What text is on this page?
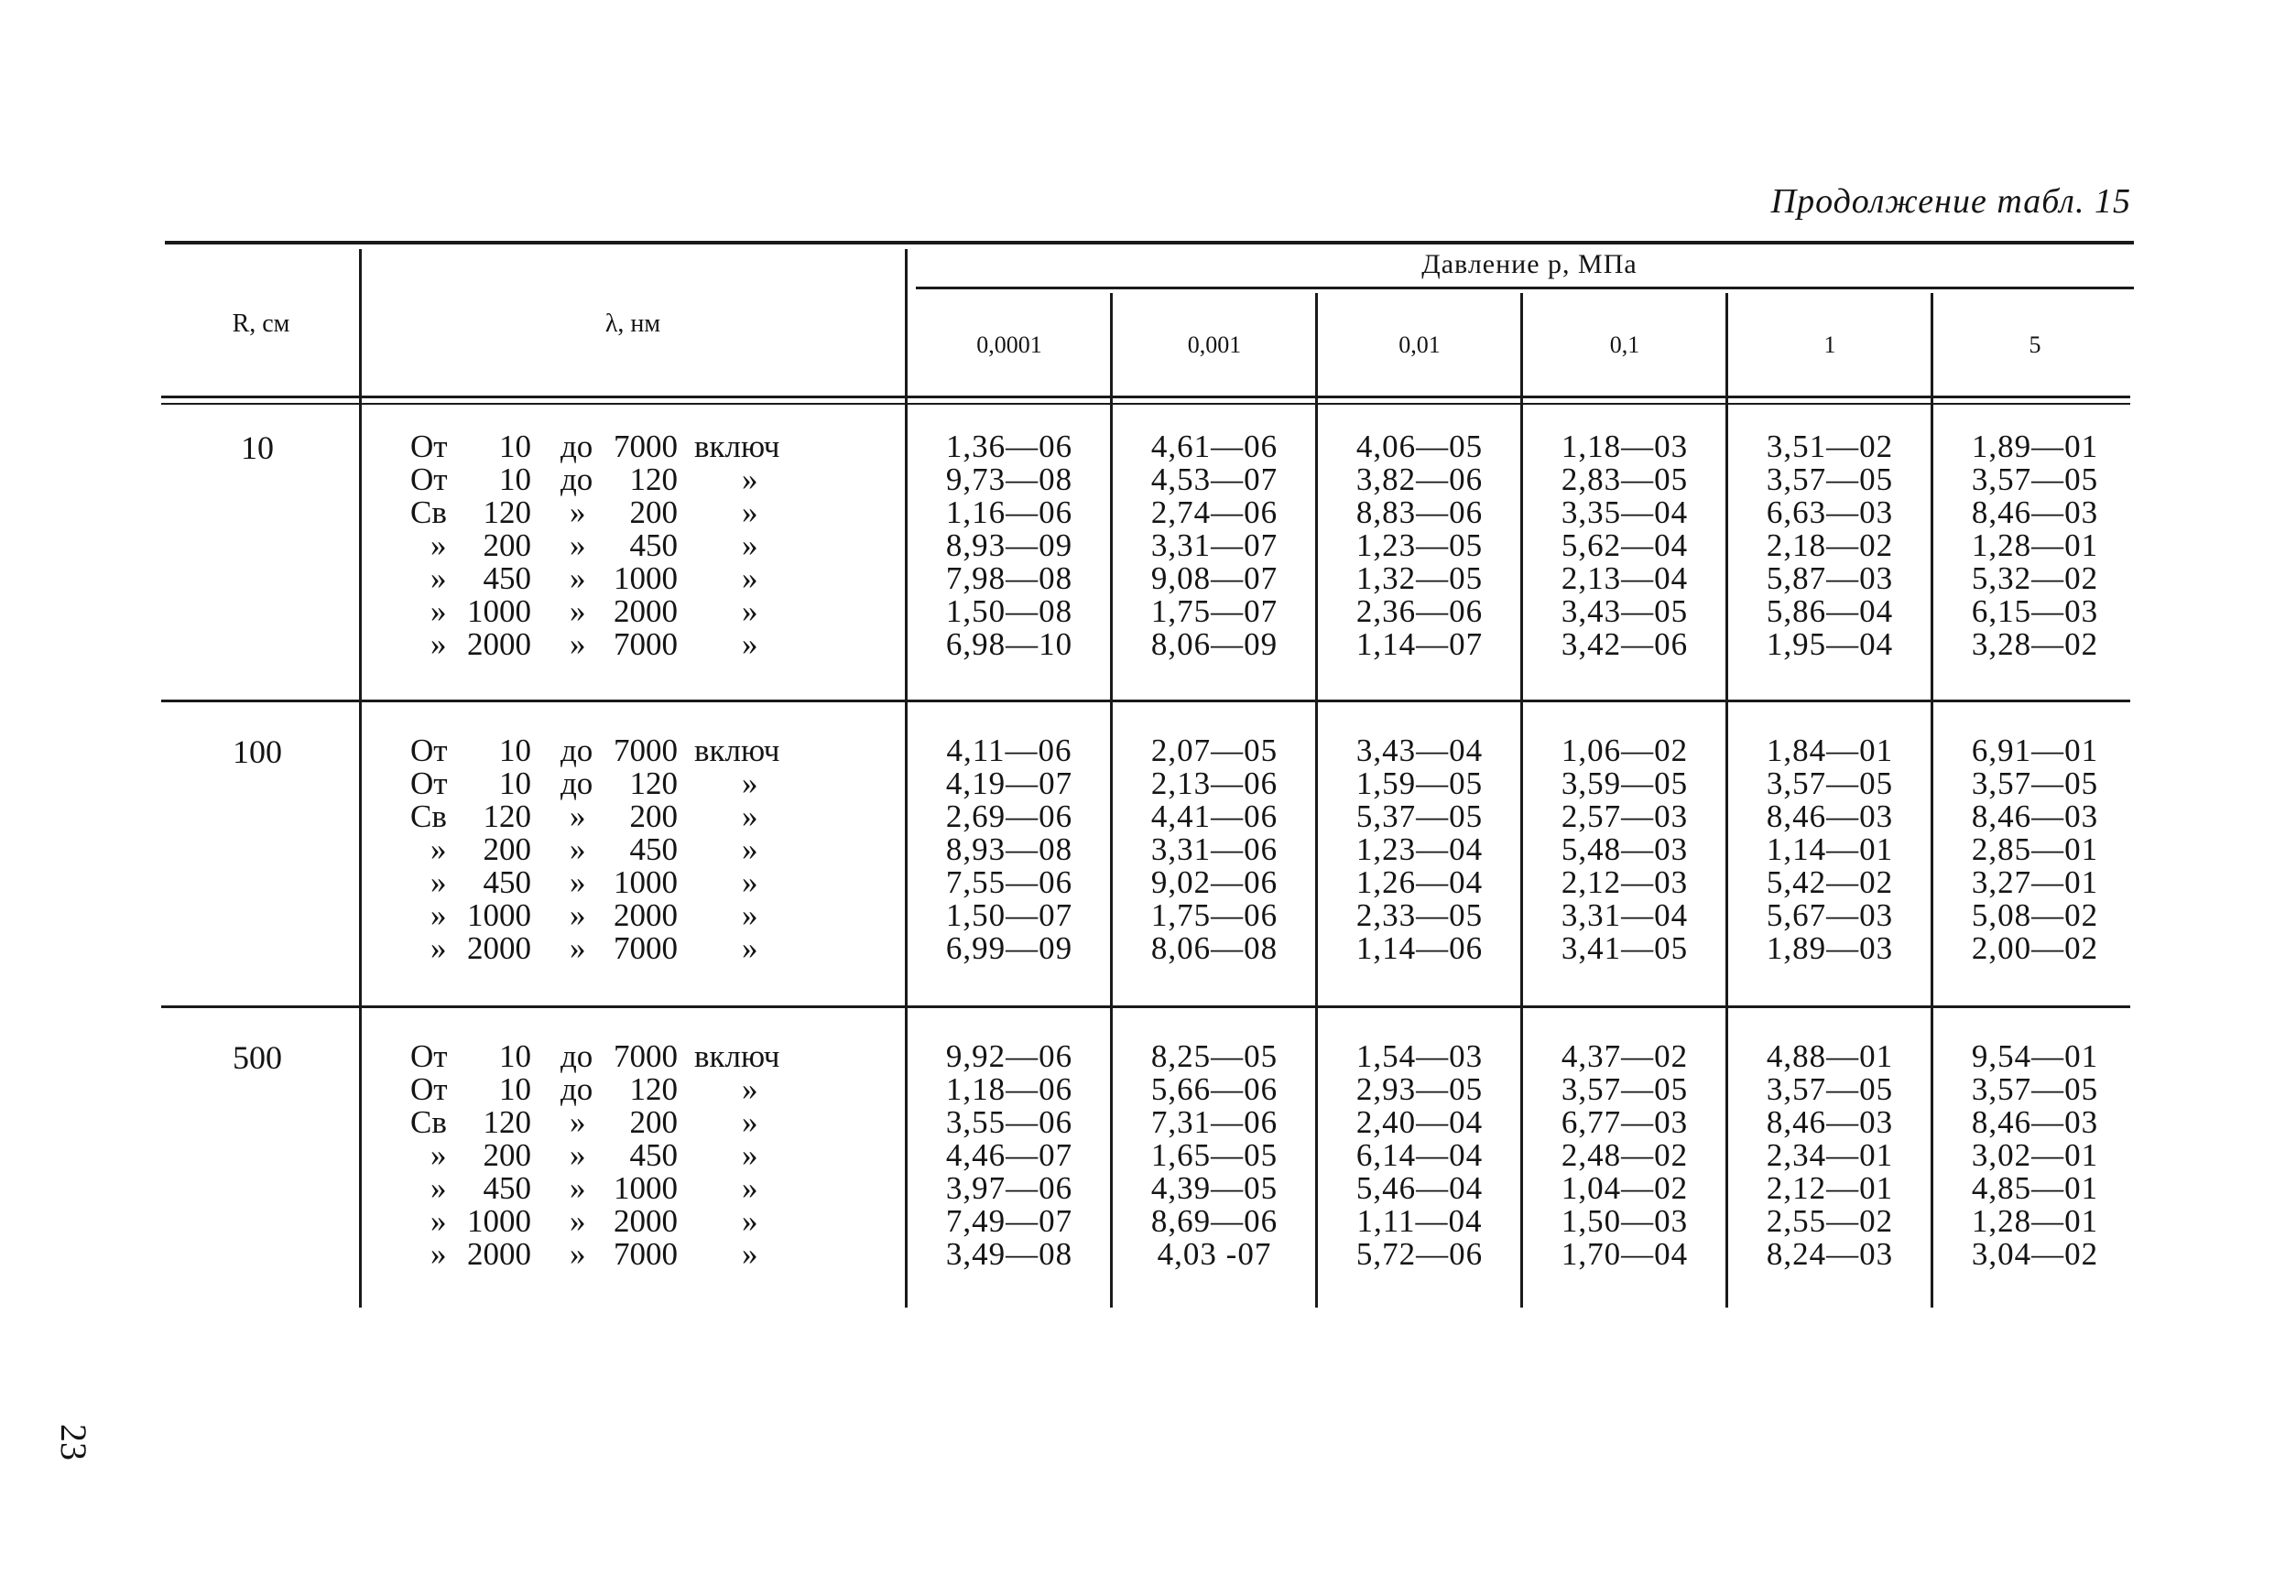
Продолжение табл. 15
R, см	λ, нм
Давление p, МПа
0,0001	0,001	0,01	0,1	1	5
10	От	10 до 7000 включ	1,36—06	4,61—06	4,06—05	1,18—03	3,51—02	1,89—01
От	10 до	120 »	9,73—08	4,53—07	3,82—06	2,83—05	3,57—05	3,57—05
Св	120 »	200 »	1,16—06	2,74—06	8,83—06	3,35—04	6,63—03	8,46—03
»	200 »	450 »	8,93—09	3,31—07	1,23—05	5,62—04	2,18—02	1,28—01
»	450 » 1000 »	7,98—08	9,08—07	1,32—05	2,13—04	5,87—03	5,32—02
» 1000 » 2000 »	1,50—08	1,75—07	2,36—06	3,43—05	5,86—04	6,15—03
» 2000 » 7000 »	6,98—10	8,06—09	1,14—07	3,42—06	1,95—04	3,28—02
100	От	10 до 7000 включ	4,11—06	2,07—05	3,43—04	1,06—02	1,84—01	6,91—01
От	10 до	120 »	4,19—07	2,13—06	1,59—05	3,59—05	3,57—05	3,57—05
Св	120 »	200 »	2,69—06	4,41—06	5,37—05	2,57—03	8,46—03	8,46—03
»	200 »	450 »	8,93—08	3,31—06	1,23—04	5,48—03	1,14—01	2,85—01
»	450 » 1000 »	7,55—06	9,02—06	1,26—04	2,12—03	5,42—02	3,27—01
» 1000 » 2000 »	1,50—07	1,75—06	2,33—05	3,31—04	5,67—03	5,08—02
» 2000 » 7000 »	6,99—09	8,06—08	1,14—06	3,41—05	1,89—03	2,00—02
500	От	10 до 7000 включ	9,92—06	8,25—05	1,54—03	4,37—02	4,88—01	9,54—01
От	10 до	120 »	1,18—06	5,66—06	2,93—05	3,57—05	3,57—05	3,57—05
Св	120 »	200 »	3,55—06	7,31—06	2,40—04	6,77—03	8,46—03	8,46—03
»	200 »	450 »	4,46—07	1,65—05	6,14—04	2,48—02	2,34—01	3,02—01
»	450 » 1000 »	3,97—06	4,39—05	5,46—04	1,04—02	2,12—01	4,85—01
» 1000 » 2000 »	7,49—07	8,69—06	1,11—04	1,50—03	2,55—02	1,28—01
» 2000 » 7000 »	3,49—08	4,03 -07	5,72—06	1,70—04	8,24—03	3,04—02
23
